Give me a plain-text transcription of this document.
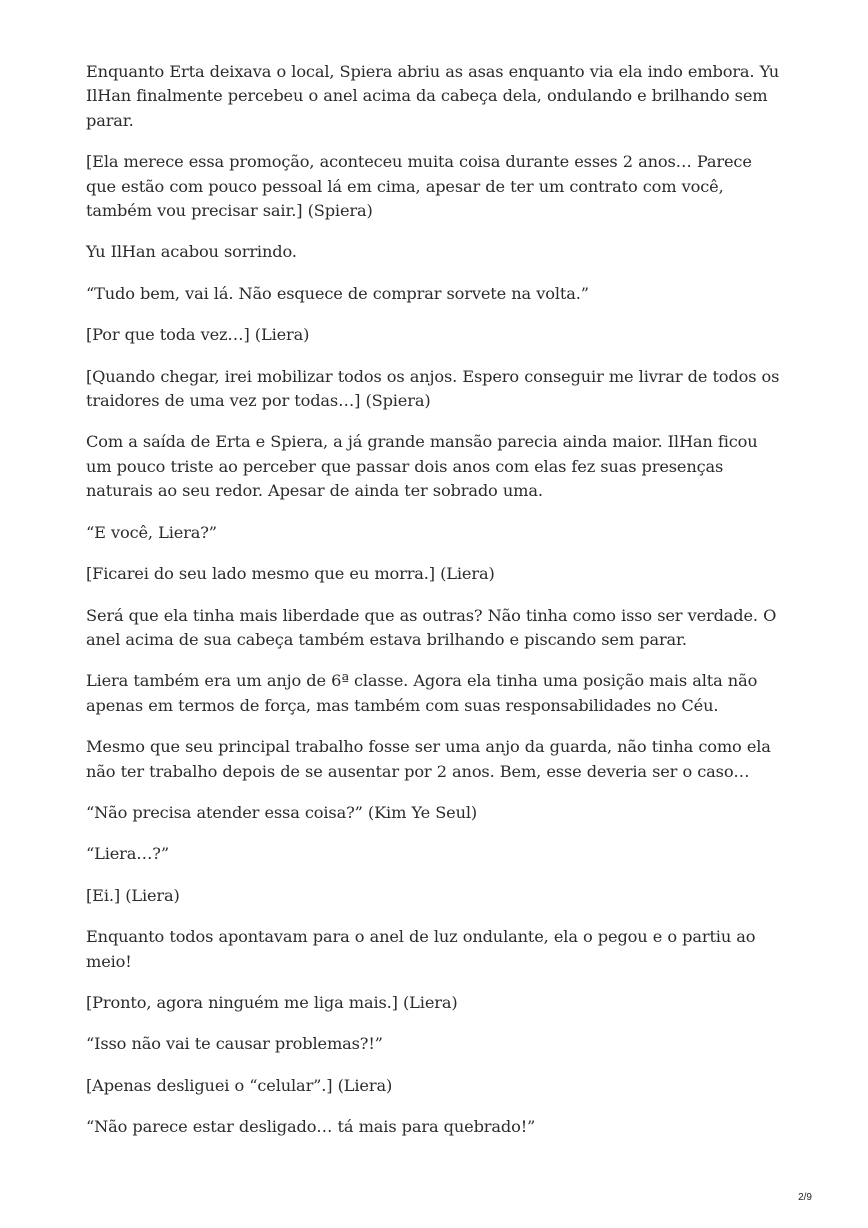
Enquanto Erta deixava o local, Spiera abriu as asas enquanto via ela indo embora. Yu IlHan finalmente percebeu o anel acima da cabeça dela, ondulando e brilhando sem parar.

[Ela merece essa promoção, aconteceu muita coisa durante esses 2 anos… Parece que estão com pouco pessoal lá em cima, apesar de ter um contrato com você, também vou precisar sair.] (Spiera)

Yu IlHan acabou sorrindo.

“Tudo bem, vai lá. Não esquece de comprar sorvete na volta.”

[Por que toda vez…] (Liera)

[Quando chegar, irei mobilizar todos os anjos. Espero conseguir me livrar de todos os traidores de uma vez por todas…] (Spiera)

Com a saída de Erta e Spiera, a já grande mansão parecia ainda maior. IlHan ficou um pouco triste ao perceber que passar dois anos com elas fez suas presenças naturais ao seu redor. Apesar de ainda ter sobrado uma.

“E você, Liera?”

[Ficarei do seu lado mesmo que eu morra.] (Liera)

Será que ela tinha mais liberdade que as outras? Não tinha como isso ser verdade. O anel acima de sua cabeça também estava brilhando e piscando sem parar.

Liera também era um anjo de 6ª classe. Agora ela tinha uma posição mais alta não apenas em termos de força, mas também com suas responsabilidades no Céu.

Mesmo que seu principal trabalho fosse ser uma anjo da guarda, não tinha como ela não ter trabalho depois de se ausentar por 2 anos. Bem, esse deveria ser o caso…

“Não precisa atender essa coisa?” (Kim Ye Seul)

“Liera…?”

[Ei.] (Liera)

Enquanto todos apontavam para o anel de luz ondulante, ela o pegou e o partiu ao meio!

[Pronto, agora ninguém me liga mais.] (Liera)

“Isso não vai te causar problemas?!”

[Apenas desliguei o “celular”.] (Liera)

“Não parece estar desligado… tá mais para quebrado!”

2/9
